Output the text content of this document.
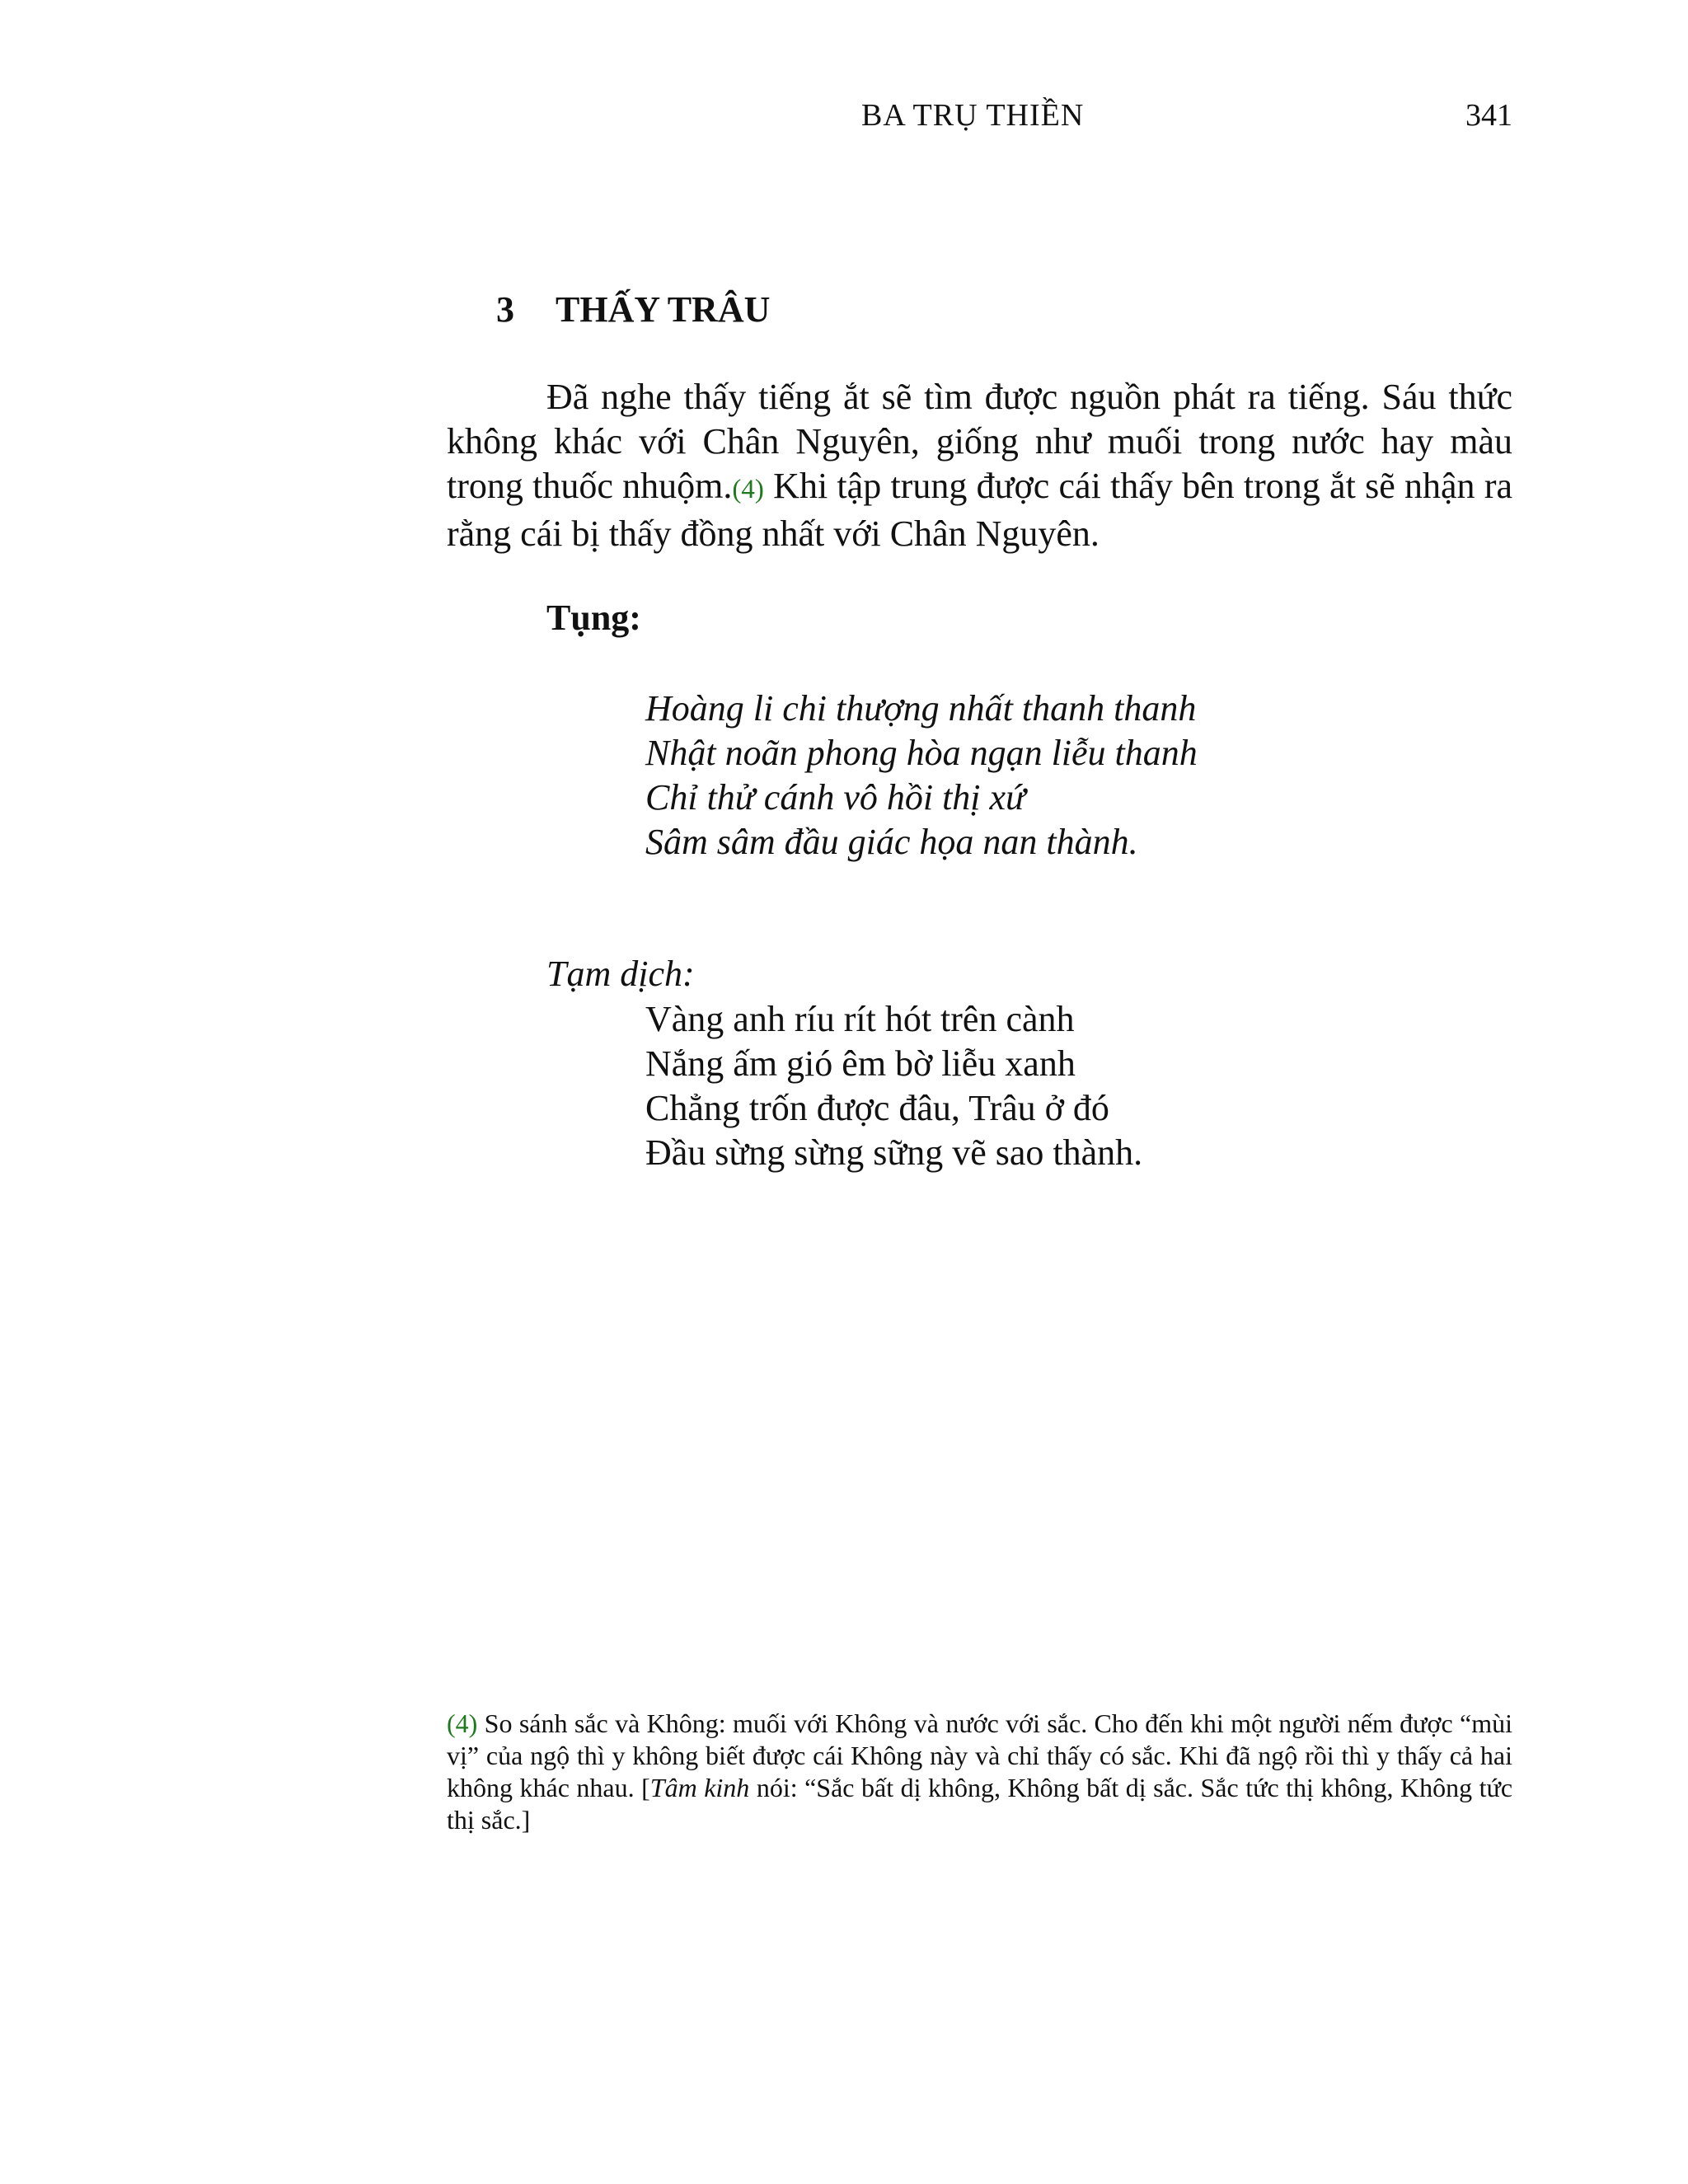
BA TRỤ THIỀN	341
3 THẤY TRÂU

Đã nghe thấy tiếng ắt sẽ tìm được nguồn phát ra tiếng. Sáu thức không khác với Chân Nguyên, giống như muối trong nước hay màu trong thuốc nhuộm.(4) Khi tập trung được cái thấy bên trong ắt sẽ nhận ra rằng cái bị thấy đồng nhất với Chân Nguyên.

Tụng:
Hoàng li chi thượng nhất thanh thanh
Nhật noãn phong hòa ngạn liễu thanh
Chỉ thử cánh vô hồi thị xứ
Sâm sâm đầu giác họa nan thành.
Tạm dịch:
Vàng anh ríu rít hót trên cành
Nắng ấm gió êm bờ liễu xanh
Chẳng trốn được đâu, Trâu ở đó
Đầu sừng sừng sững vẽ sao thành.

(4) So sánh sắc và Không: muối với Không và nước với sắc. Cho đến khi một người nếm được “mùi vị” của ngộ thì y không biết được cái Không này và chỉ thấy có sắc. Khi đã ngộ rồi thì y thấy cả hai không khác nhau. [Tâm kinh nói: “Sắc bất dị không, Không bất dị sắc. Sắc tức thị không, Không tức thị sắc.]
